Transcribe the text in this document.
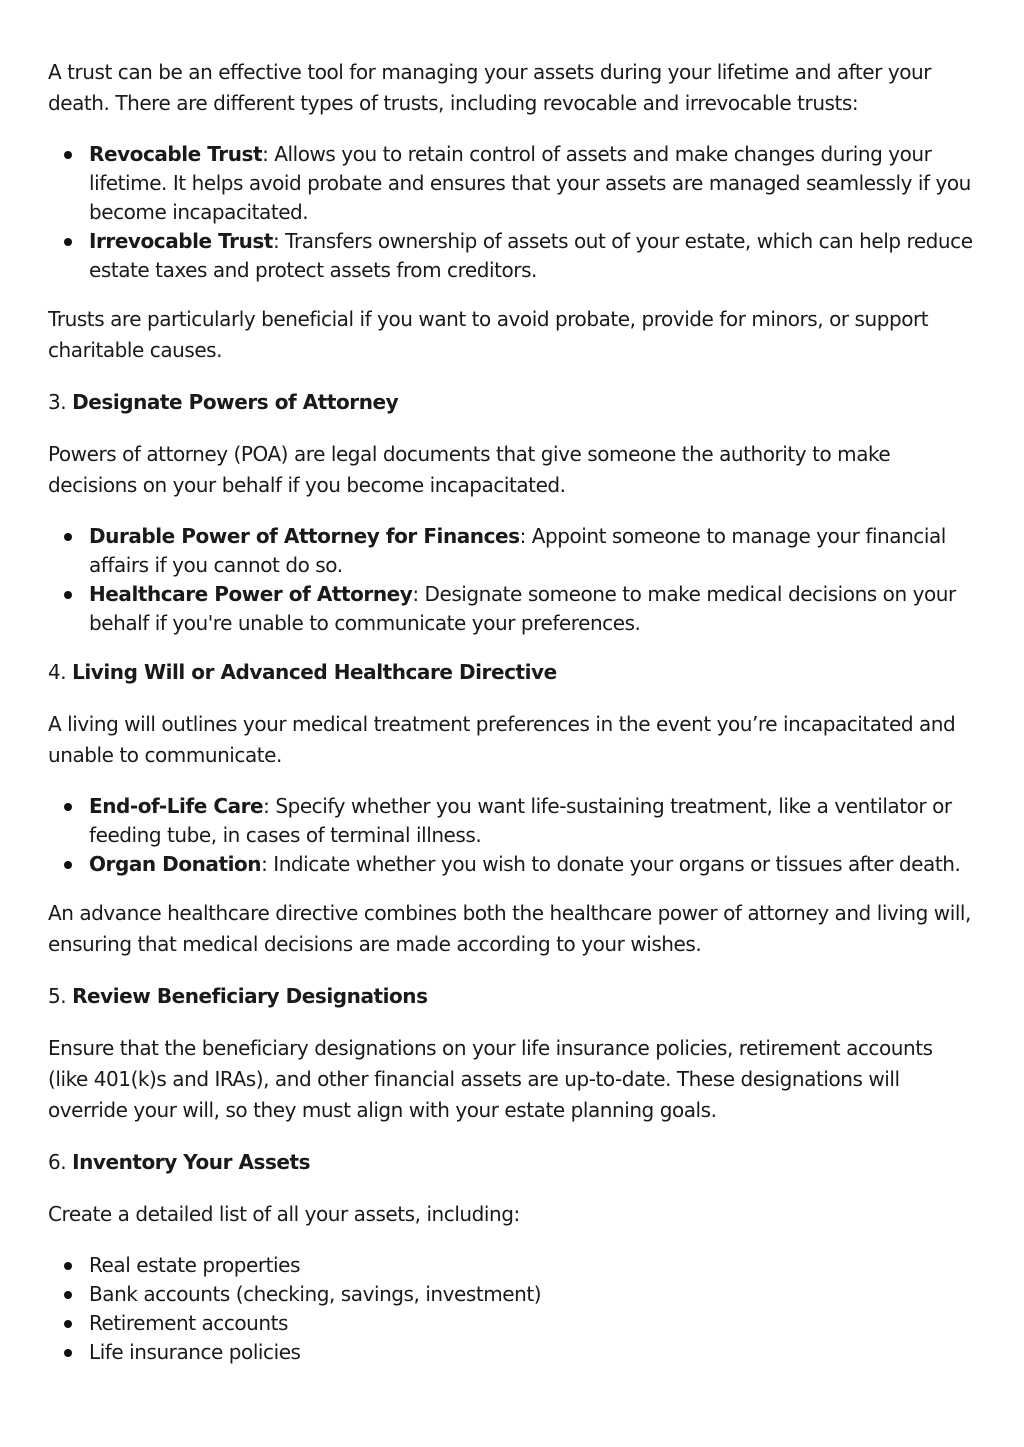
A trust can be an effective tool for managing your assets during your lifetime and after your death. There are different types of trusts, including revocable and irrevocable trusts:

Revocable Trust: Allows you to retain control of assets and make changes during your lifetime. It helps avoid probate and ensures that your assets are managed seamlessly if you become incapacitated.
Irrevocable Trust: Transfers ownership of assets out of your estate, which can help reduce estate taxes and protect assets from creditors.

Trusts are particularly beneficial if you want to avoid probate, provide for minors, or support charitable causes.

3. Designate Powers of Attorney

Powers of attorney (POA) are legal documents that give someone the authority to make decisions on your behalf if you become incapacitated.

Durable Power of Attorney for Finances: Appoint someone to manage your financial affairs if you cannot do so.
Healthcare Power of Attorney: Designate someone to make medical decisions on your behalf if you're unable to communicate your preferences.

4. Living Will or Advanced Healthcare Directive

A living will outlines your medical treatment preferences in the event you’re incapacitated and unable to communicate.

End-of-Life Care: Specify whether you want life-sustaining treatment, like a ventilator or feeding tube, in cases of terminal illness.
Organ Donation: Indicate whether you wish to donate your organs or tissues after death.

An advance healthcare directive combines both the healthcare power of attorney and living will, ensuring that medical decisions are made according to your wishes.

5. Review Beneficiary Designations

Ensure that the beneficiary designations on your life insurance policies, retirement accounts (like 401(k)s and IRAs), and other financial assets are up-to-date. These designations will override your will, so they must align with your estate planning goals.

6. Inventory Your Assets

Create a detailed list of all your assets, including:

Real estate properties
Bank accounts (checking, savings, investment)
Retirement accounts
Life insurance policies
